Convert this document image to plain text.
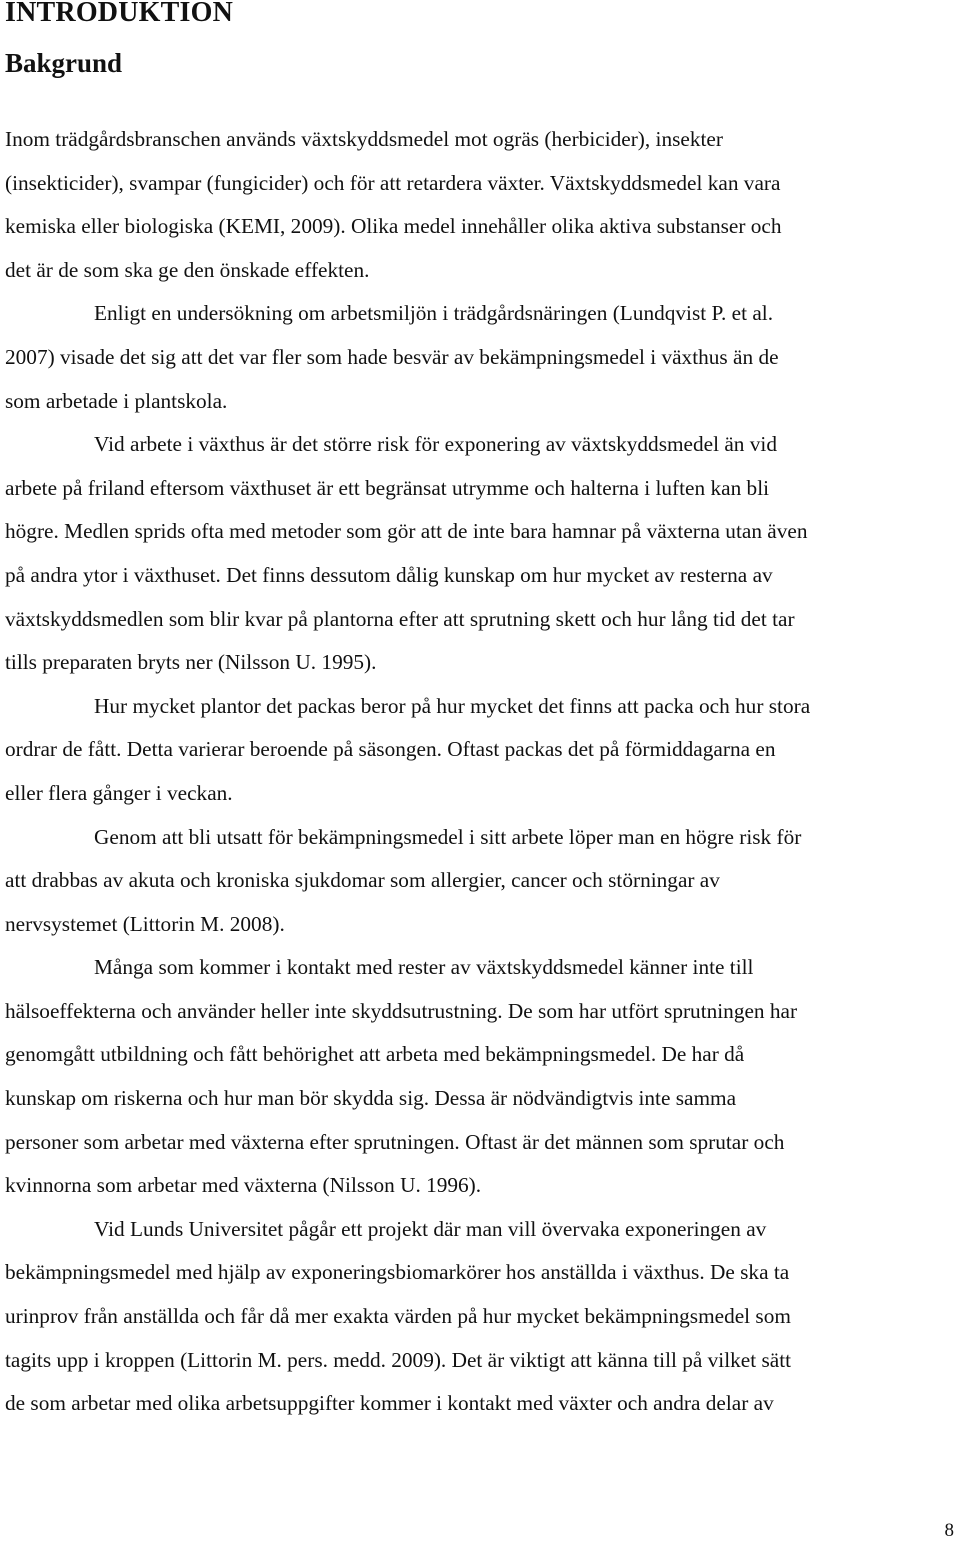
INTRODUKTION
Bakgrund
Inom trädgårdsbranschen används växtskyddsmedel mot ogräs (herbicider), insekter
(insekticider), svampar (fungicider) och för att retardera växter. Växtskyddsmedel kan vara
kemiska eller biologiska (KEMI, 2009). Olika medel innehåller olika aktiva substanser och
det är de som ska ge den önskade effekten.
Enligt en undersökning om arbetsmiljön i trädgårdsnäringen (Lundqvist P. et al.
2007) visade det sig att det var fler som hade besvär av bekämpningsmedel i växthus än de
som arbetade i plantskola.
Vid arbete i växthus är det större risk för exponering av växtskyddsmedel än vid
arbete på friland eftersom växthuset är ett begränsat utrymme och halterna i luften kan bli
högre. Medlen sprids ofta med metoder som gör att de inte bara hamnar på växterna utan även
på andra ytor i växthuset. Det finns dessutom dålig kunskap om hur mycket av resterna av
växtskyddsmedlen som blir kvar på plantorna efter att sprutning skett och hur lång tid det tar
tills preparaten bryts ner (Nilsson U. 1995).
Hur mycket plantor det packas beror på hur mycket det finns att packa och hur stora
ordrar de fått. Detta varierar beroende på säsongen. Oftast packas det på förmiddagarna en
eller flera gånger i veckan.
Genom att bli utsatt för bekämpningsmedel i sitt arbete löper man en högre risk för
att drabbas av akuta och kroniska sjukdomar som allergier, cancer och störningar av
nervsystemet (Littorin M. 2008).
Många som kommer i kontakt med rester av växtskyddsmedel känner inte till
hälsoeffekterna och använder heller inte skyddsutrustning. De som har utfört sprutningen har
genomgått utbildning och fått behörighet att arbeta med bekämpningsmedel. De har då
kunskap om riskerna och hur man bör skydda sig. Dessa är nödvändigtvis inte samma
personer som arbetar med växterna efter sprutningen. Oftast är det männen som sprutar och
kvinnorna som arbetar med växterna (Nilsson U. 1996).
Vid Lunds Universitet pågår ett projekt där man vill övervaka exponeringen av
bekämpningsmedel med hjälp av exponeringsbiomarkörer hos anställda i växthus. De ska ta
urinprov från anställda och får då mer exakta värden på hur mycket bekämpningsmedel som
tagits upp i kroppen (Littorin M. pers. medd. 2009). Det är viktigt att känna till på vilket sätt
de som arbetar med olika arbetsuppgifter kommer i kontakt med växter och andra delar av
8
